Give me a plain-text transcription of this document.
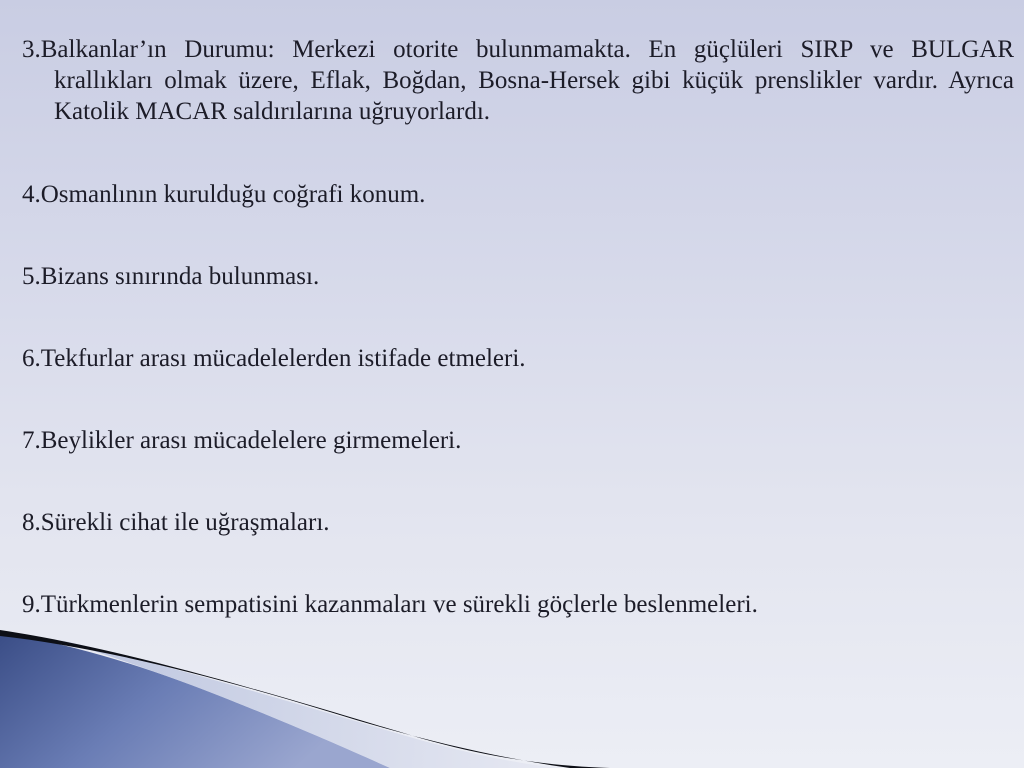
3.Balkanlar’ın Durumu: Merkezi otorite bulunmamakta. En güçlüleri SIRP ve BULGAR krallıkları olmak üzere, Eflak, Boğdan, Bosna-Hersek gibi küçük prenslikler vardır. Ayrıca Katolik MACAR saldırılarına uğruyorlardı.
4.Osmanlının kurulduğu coğrafi konum.
5.Bizans sınırında bulunması.
6.Tekfurlar arası mücadelelerden istifade etmeleri.
7.Beylikler arası mücadelelere girmemeleri.
8.Sürekli cihat ile uğraşmaları.
9.Türkmenlerin sempatisini kazanmaları ve sürekli göçlerle beslenmeleri.
